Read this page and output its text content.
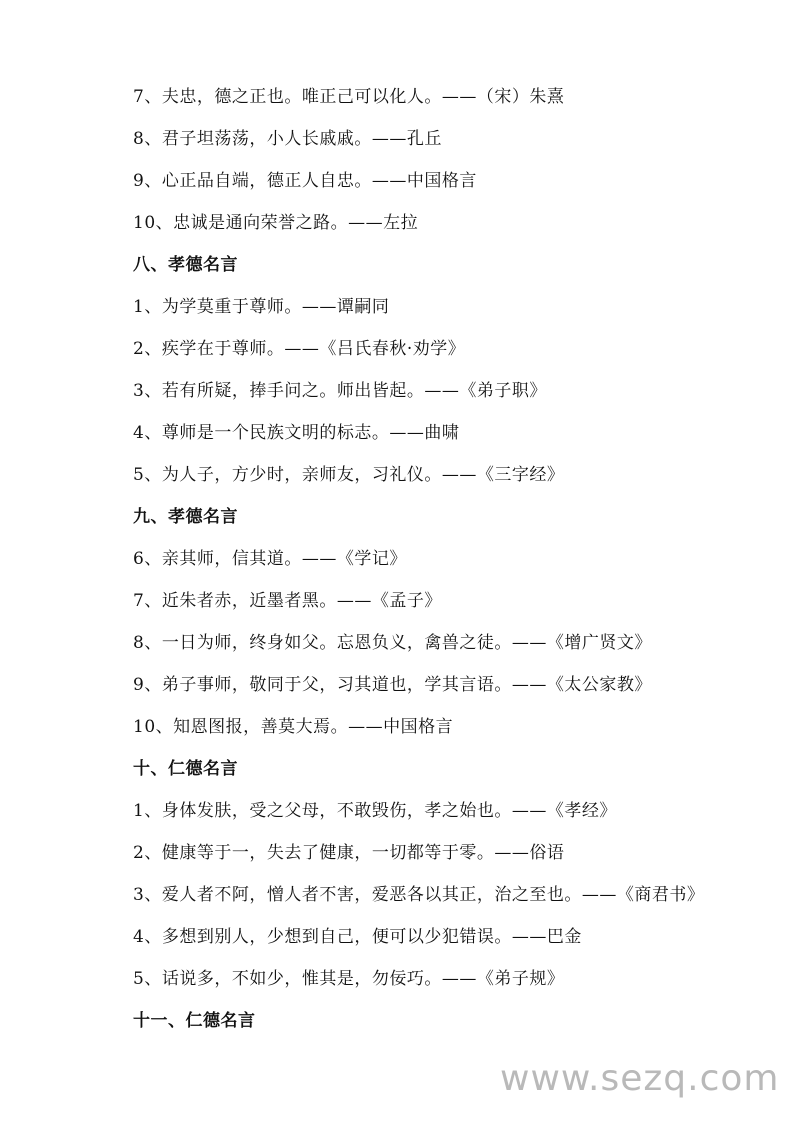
7、夫忠，德之正也。唯正己可以化人。——（宋）朱熹
8、君子坦荡荡，小人长戚戚。——孔丘
9、心正品自端，德正人自忠。——中国格言
10、忠诚是通向荣誉之路。——左拉
八、孝德名言
1、为学莫重于尊师。——谭嗣同
2、疾学在于尊师。——《吕氏春秋·劝学》
3、若有所疑，捧手问之。师出皆起。——《弟子职》
4、尊师是一个民族文明的标志。——曲啸
5、为人子，方少时，亲师友，习礼仪。——《三字经》
九、孝德名言
6、亲其师，信其道。——《学记》
7、近朱者赤，近墨者黑。——《孟子》
8、一日为师，终身如父。忘恩负义，禽兽之徒。——《增广贤文》
9、弟子事师，敬同于父，习其道也，学其言语。——《太公家教》
10、知恩图报，善莫大焉。——中国格言
十、仁德名言
1、身体发肤，受之父母，不敢毁伤，孝之始也。——《孝经》
2、健康等于一，失去了健康，一切都等于零。——俗语
3、爱人者不阿，憎人者不害，爱恶各以其正，治之至也。——《商君书》
4、多想到别人，少想到自己，便可以少犯错误。——巴金
5、话说多，不如少，惟其是，勿佞巧。——《弟子规》
十一、仁德名言
www.sezq.com
